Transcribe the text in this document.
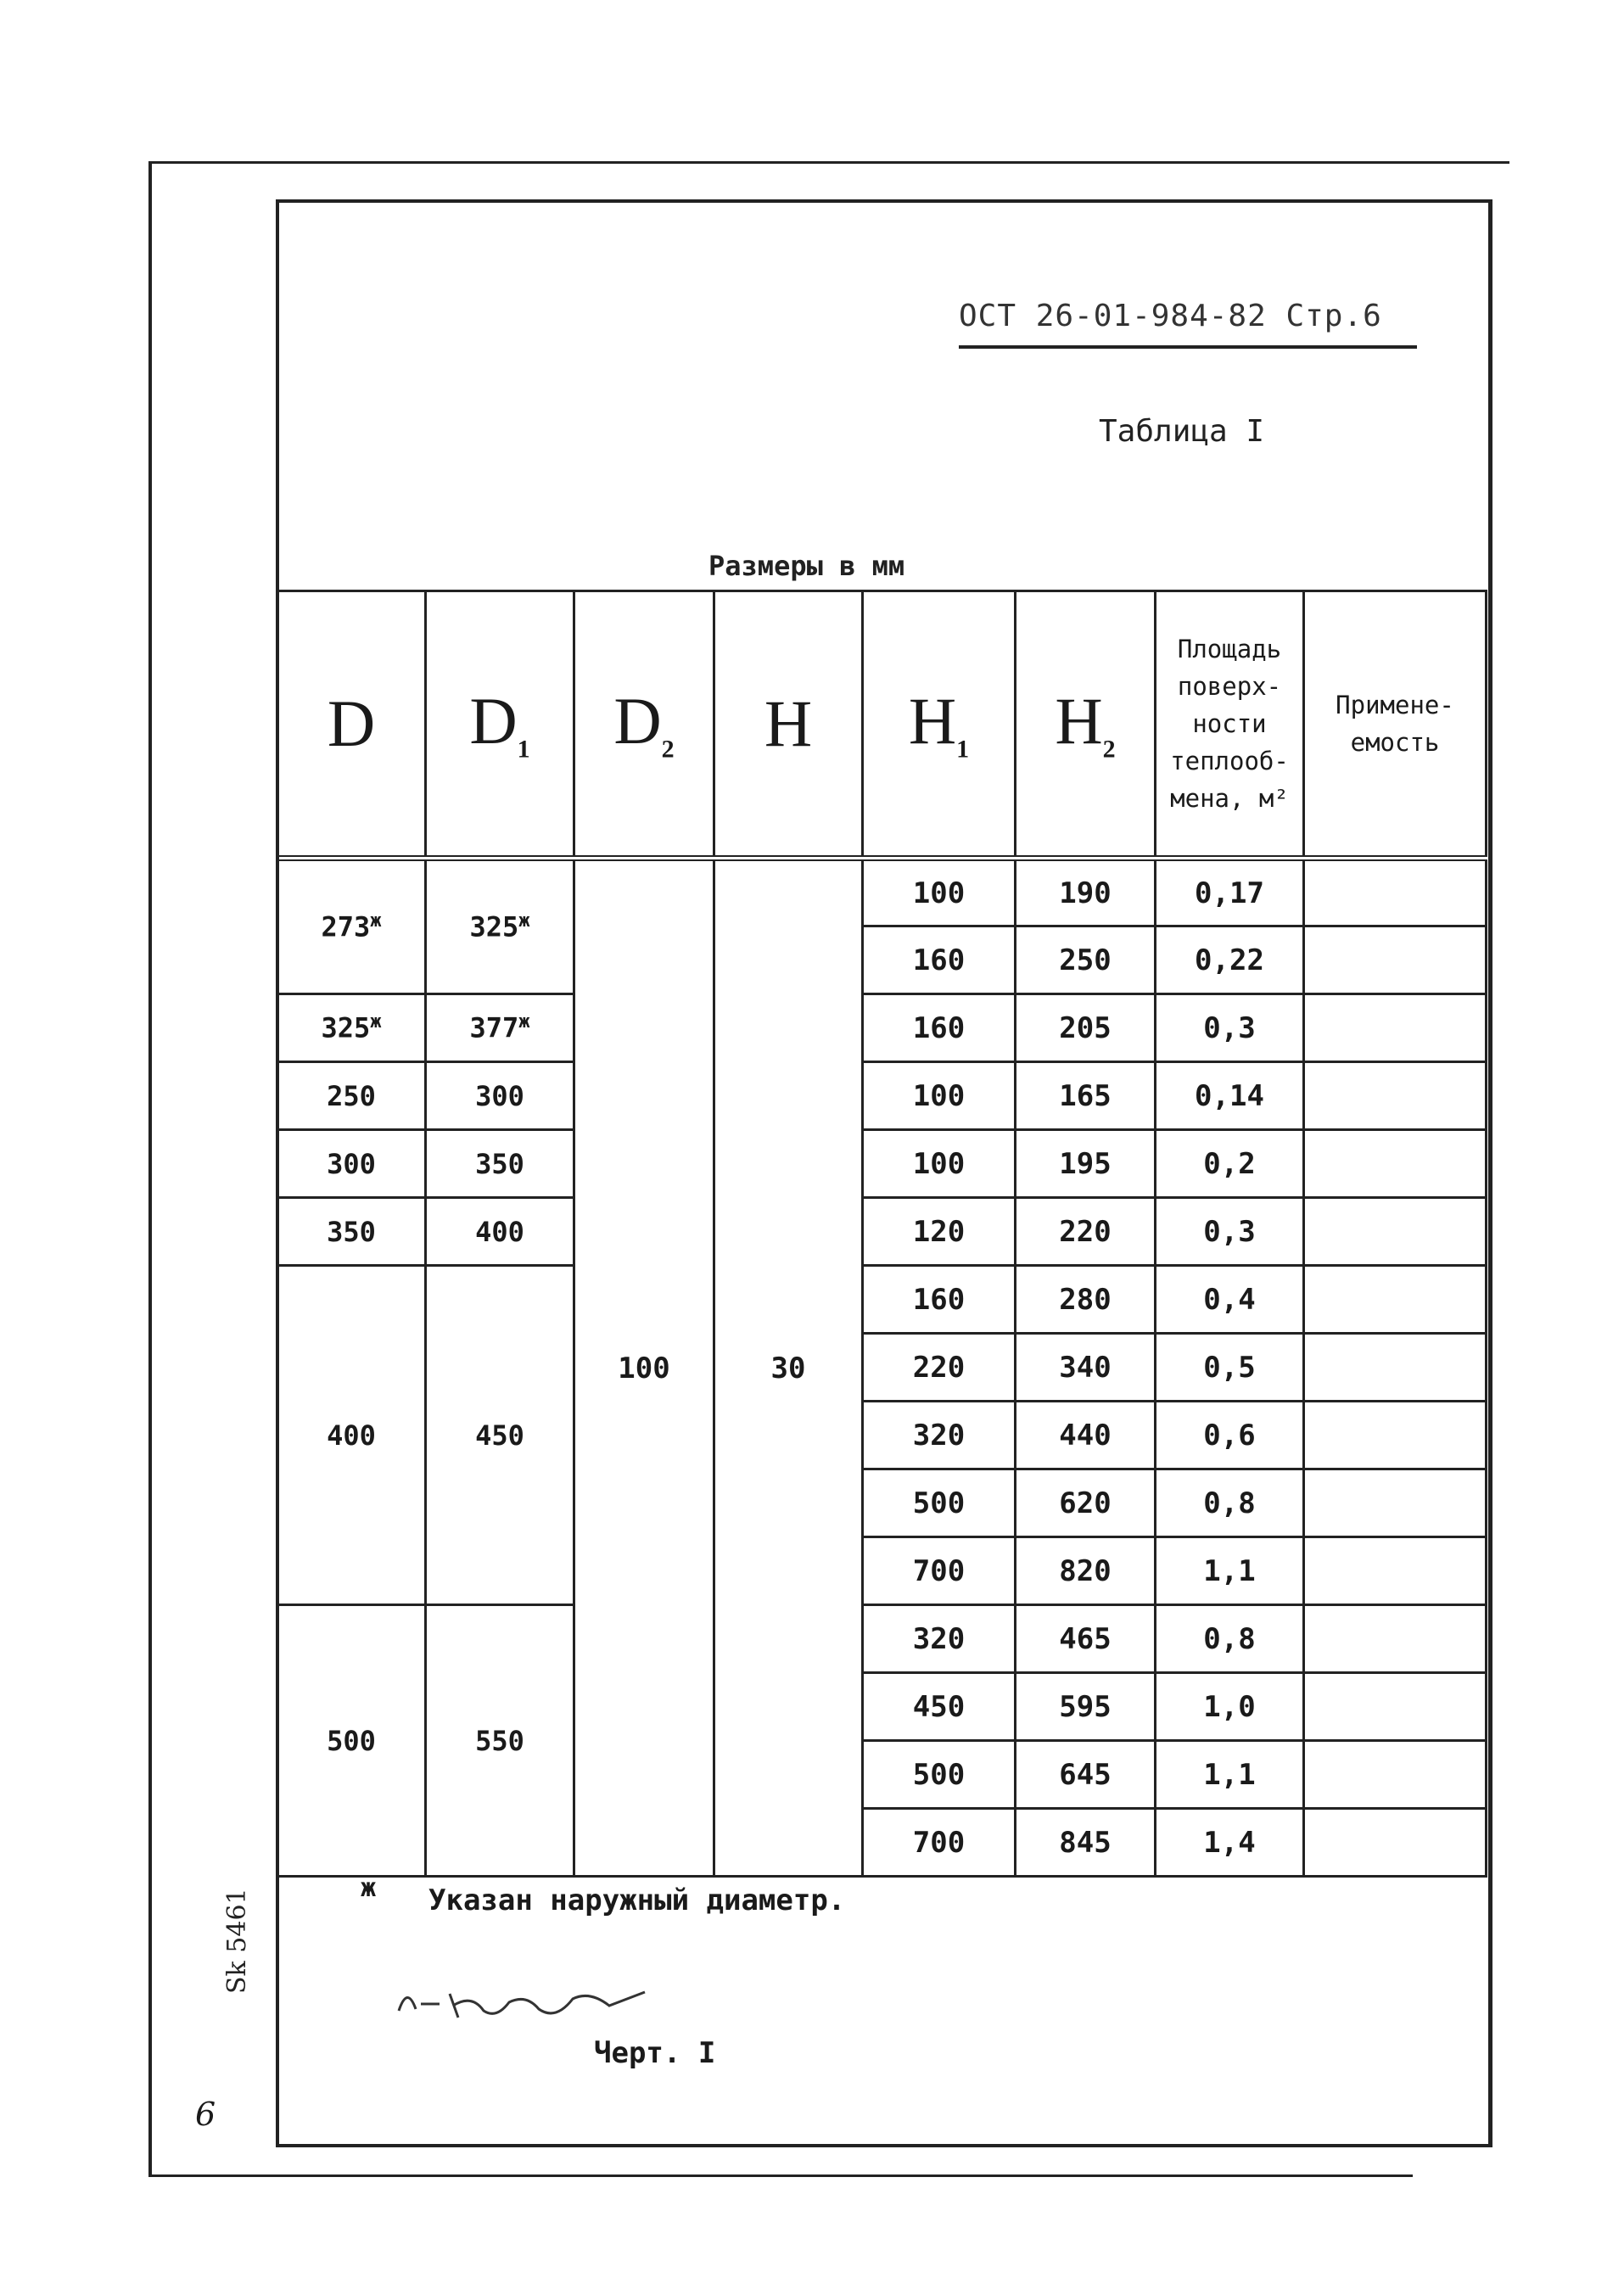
ОСТ 26-01-984-82 Стр.6
Таблица I
Размеры в мм
D	$D_1$	$D_2$	H	$H_1$	$H_2$	Площадь поверх- ности теплооб- мена, м²	Примене- емость
$273^ж$	$325^ж$	100	30	100	190	0,17	
				160	250	0,22	
$325^ж$	$377^ж$			160	205	0,3	
250	300			100	165	0,14	
300	350			100	195	0,2	
350	400			120	220	0,3	
400	450			160	280	0,4	
				220	340	0,5	
				320	440	0,6	
				500	620	0,8	
				700	820	1,1	
500	550			320	465	0,8	
				450	595	1,0	
				500	645	1,1	
				700	845	1,4	
ж Указан наружный диаметр.
Черт. I
Sk 5461
6
